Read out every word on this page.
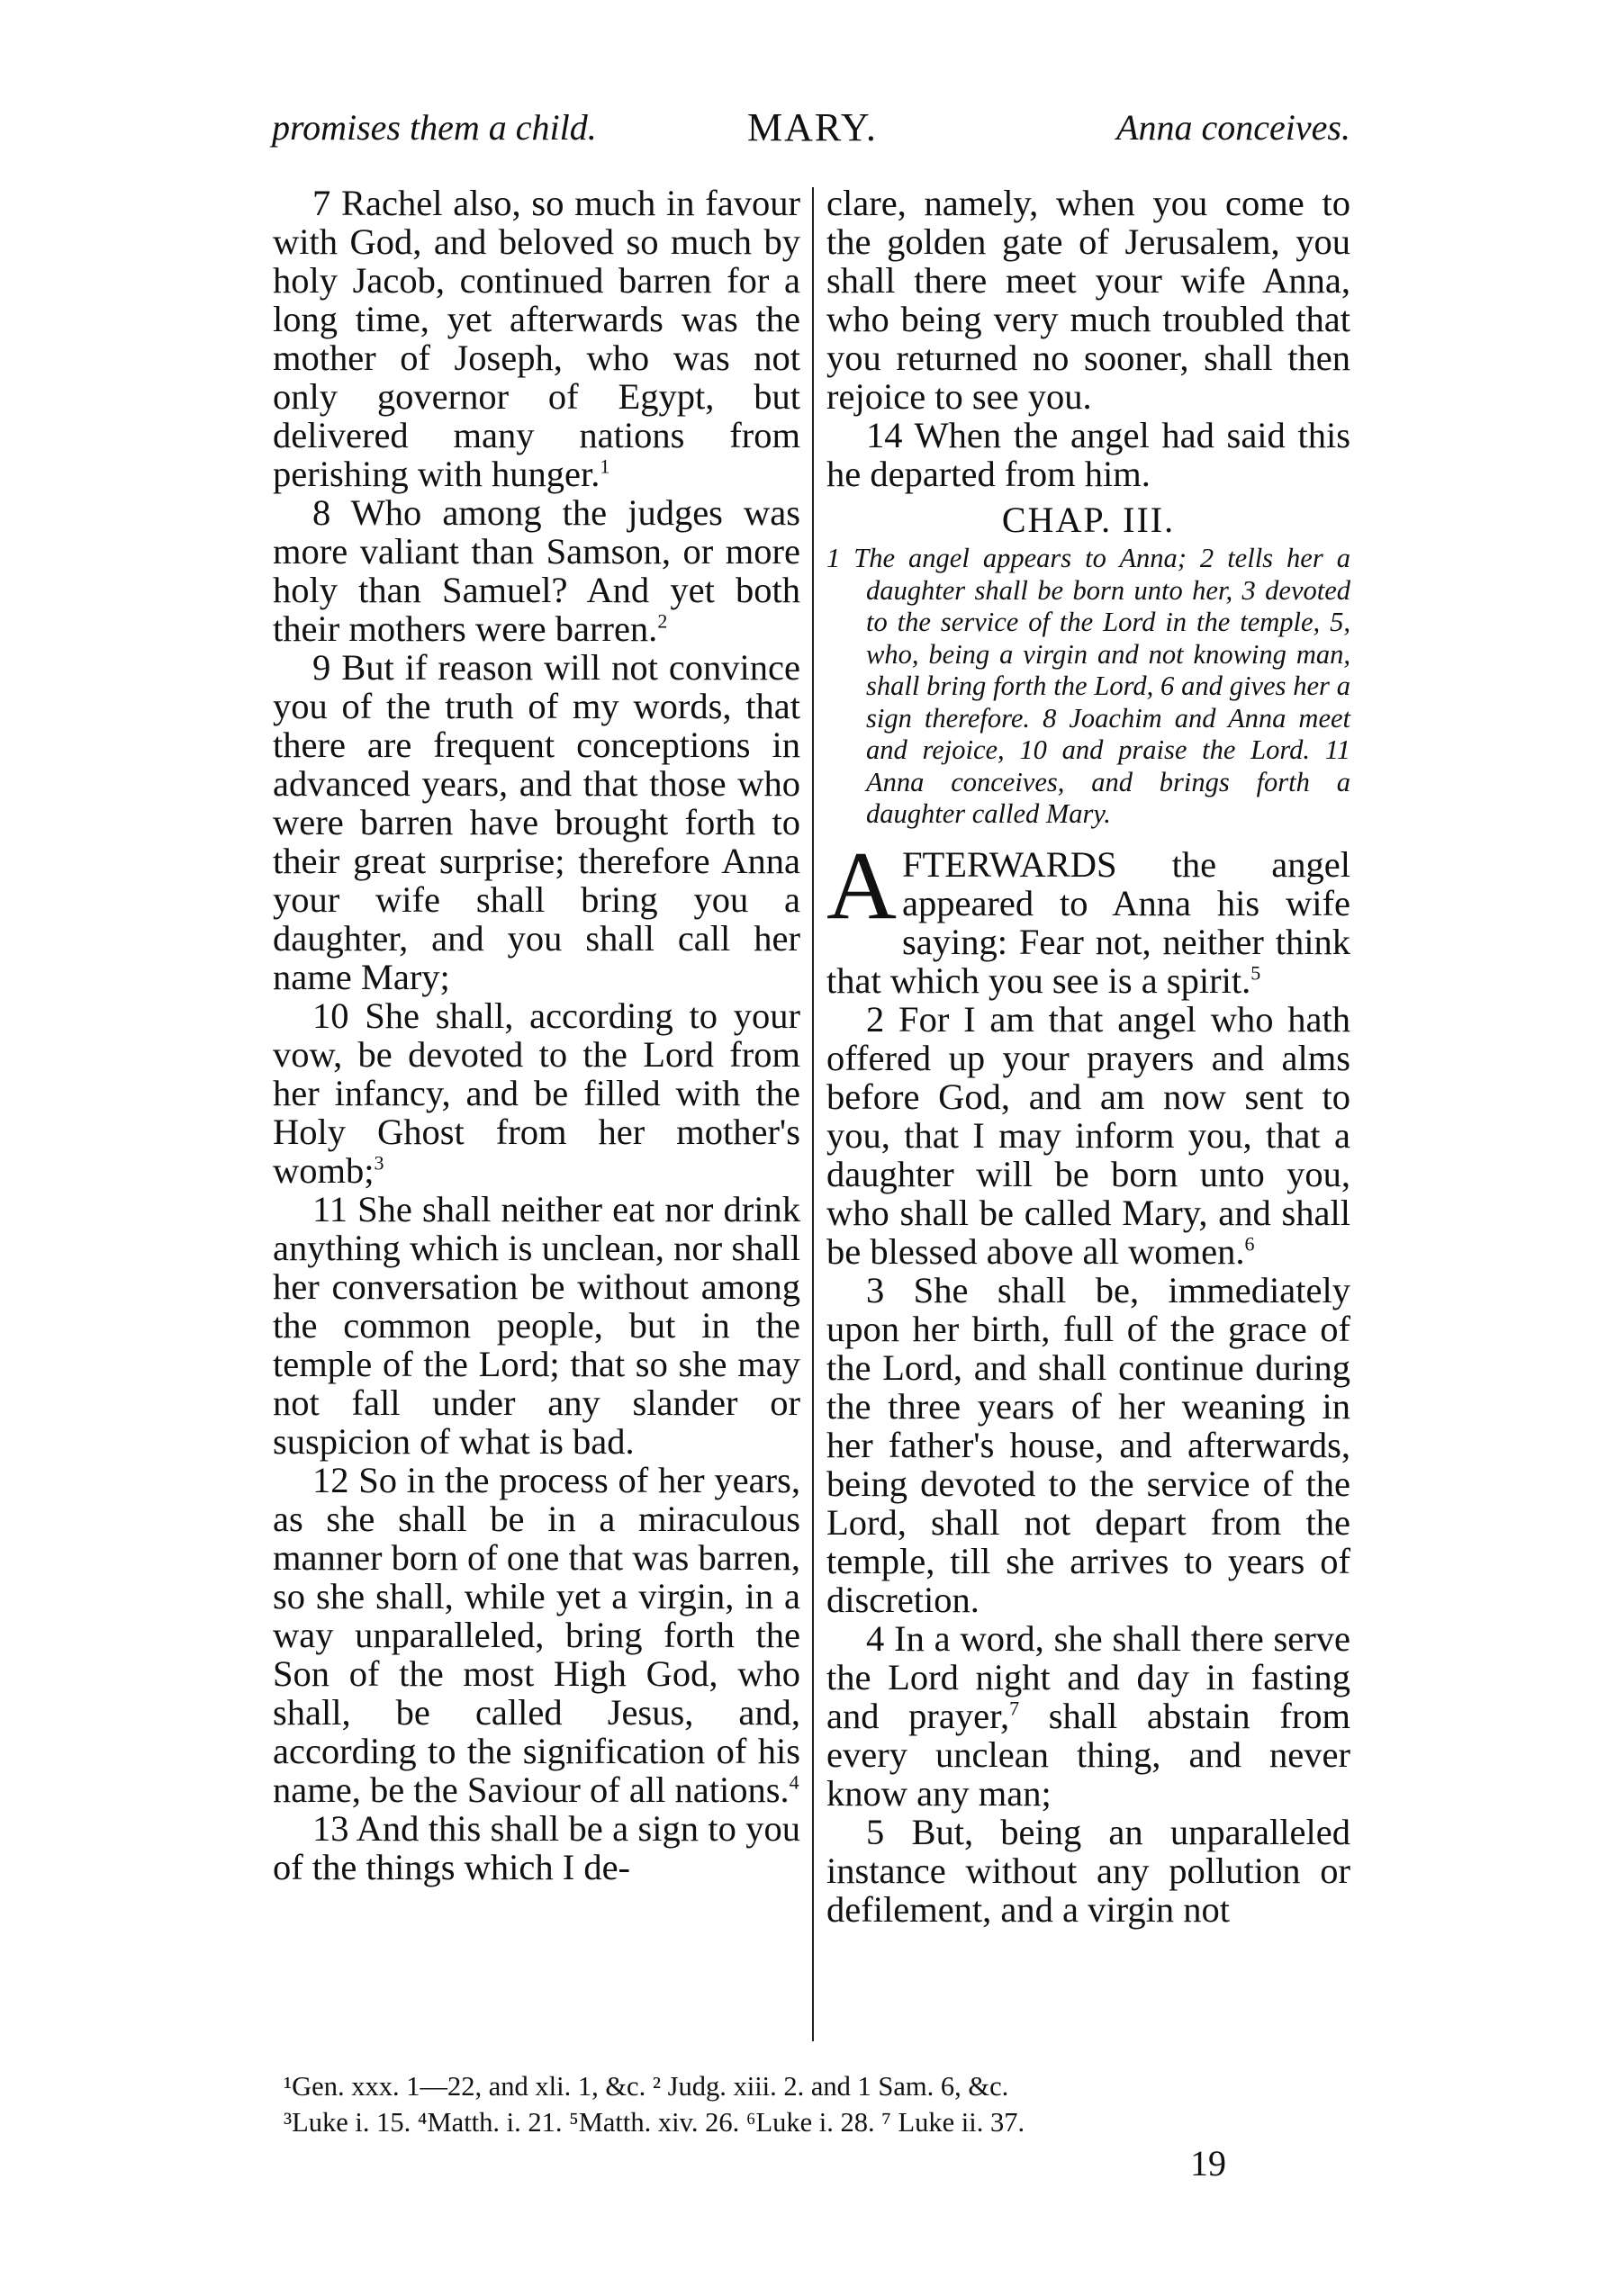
promises them a child.	MARY.	Anna conceives.

7 Rachel also, so much in favour with God, and beloved so much by holy Jacob, continued barren for a long time, yet afterwards was the mother of Joseph, who was not only governor of Egypt, but delivered many nations from perishing with hunger.$^1$

8 Who among the judges was more valiant than Samson, or more holy than Samuel? And yet both their mothers were barren.$^2$

9 But if reason will not convince you of the truth of my words, that there are frequent conceptions in advanced years, and that those who were barren have brought forth to their great surprise; therefore Anna your wife shall bring you a daughter, and you shall call her name Mary;

10 She shall, according to your vow, be devoted to the Lord from her infancy, and be filled with the Holy Ghost from her mother's womb;$^3$

11 She shall neither eat nor drink anything which is unclean, nor shall her conversation be without among the common people, but in the temple of the Lord; that so she may not fall under any slander or suspicion of what is bad.

12 So in the process of her years, as she shall be in a miraculous manner born of one that was barren, so she shall, while yet a virgin, in a way unparalleled, bring forth the Son of the most High God, who shall, be called Jesus, and, according to the signification of his name, be the Saviour of all nations.$^4$

13 And this shall be a sign to you of the things which I de-

clare, namely, when you come to the golden gate of Jerusalem, you shall there meet your wife Anna, who being very much troubled that you returned no sooner, shall then rejoice to see you.

14 When the angel had said this he departed from him.

CHAP. III.

1 The angel appears to Anna; 2 tells her a daughter shall be born unto her, 3 devoted to the service of the Lord in the temple, 5, who, being a virgin and not knowing man, shall bring forth the Lord, 6 and gives her a sign therefore. 8 Joachim and Anna meet and rejoice, 10 and praise the Lord. 11 Anna conceives, and brings forth a daughter called Mary.

AFTERWARDS the angel appeared to Anna his wife saying: Fear not, neither think that which you see is a spirit.$^5$

2 For I am that angel who hath offered up your prayers and alms before God, and am now sent to you, that I may inform you, that a daughter will be born unto you, who shall be called Mary, and shall be blessed above all women.$^6$

3 She shall be, immediately upon her birth, full of the grace of the Lord, and shall continue during the three years of her weaning in her father's house, and afterwards, being devoted to the service of the Lord, shall not depart from the temple, till she arrives to years of discretion.

4 In a word, she shall there serve the Lord night and day in fasting and prayer,$^7$ shall abstain from every unclean thing, and never know any man;

5 But, being an unparalleled instance without any pollution or defilement, and a virgin not

¹Gen. xxx. 1—22, and xli. 1, &c. ² Judg. xiii. 2. and 1 Sam. 6, &c.
³Luke i. 15. ⁴Matth. i. 21. ⁵Matth. xiv. 26. ⁶Luke i. 28. ⁷ Luke ii. 37.
19
